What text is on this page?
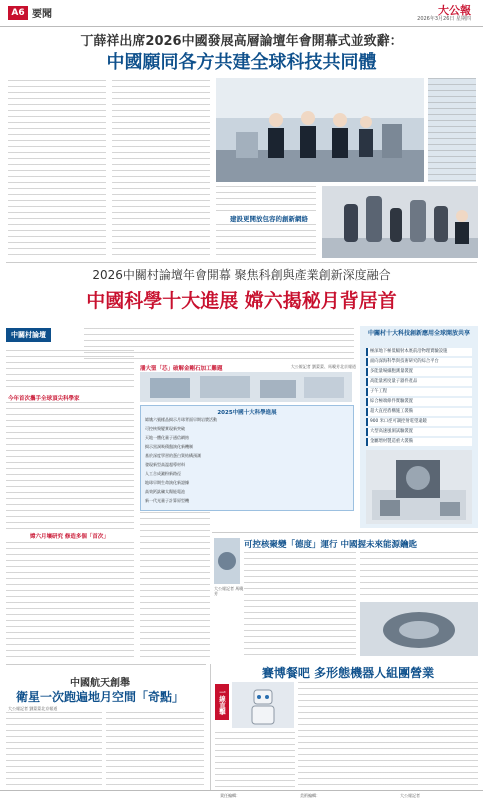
A6 要聞	大公報
2026年3月26日 星期四
丁薛祥出席2026中國發展高層論壇年會開幕式並致辭：
中國願同各方共建全球科技共同體
建設更開放包容的創新網絡
2026中關村論壇年會開幕 聚焦科創與產業創新深度融合
中國科學十大進展 嫦六揭秘月背居首
中關村論壇
大公報記者 劉蒙蒙、馬曉芳北京報道
2025中國十大科學進展
嫦娥六號樣品揭示月球背面早期岩漿活動
可控核聚變實現新突破
天地一體化量子通信網絡
揭示黑洞吸積盤演化新機制
基於深度學習的蛋白質結構預測
發現新型高溫超導材料
人工合成澱粉新路徑
地球早期生命演化新證據
高效鈣鈦礦太陽能電池
新一代光量子計算原型機
今年首次攜手全球頂尖科學家
嫦六月壤研究 修造多個「首次」
潘大聖「芯」破解金剛石加工難題
中關村十大科技創新應用全球開放共享
極深地下極低輻射本底前沿物理實驗設施
面向深海科學與技術研究的綜合平台
多能量場細胞測量裝置
高能量密度量子器件產品
子午工程
綜合極端條件實驗裝置
超大直徑盾構施工裝備
900 米口徑可調控射電望遠鏡
大型高速風洞試驗裝置
金屬增材製造重大裝備
可控核聚變「德度」運行 中國握未來能源鑰匙
大公報記者 馬曉芳
中國航天創舉
衛星一次跑遍地月空間「奇點」
大公報記者 劉蒙蒙北京報道
賽博餐吧 多形態機器人組團營業
一線直擊
責任編輯：	美術編輯：	大公報記者
